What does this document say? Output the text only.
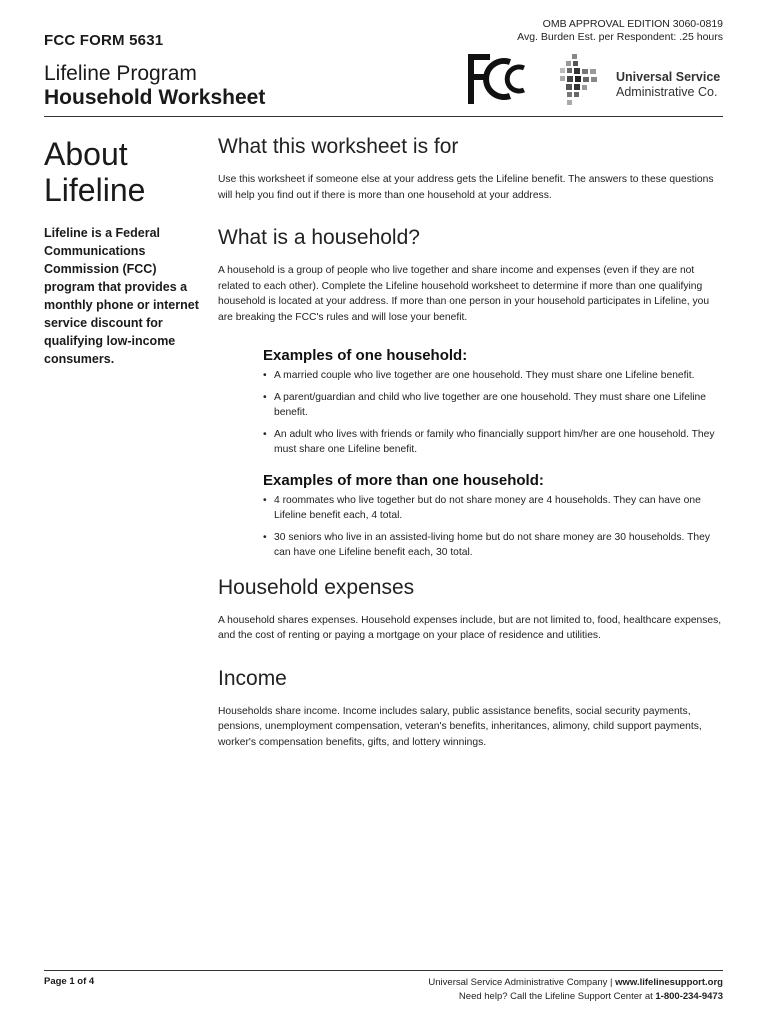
FCC FORM 5631
OMB APPROVAL EDITION 3060-0819
Avg. Burden Est. per Respondent: .25 hours
Lifeline Program
Household Worksheet
Universal Service
Administrative Co.
About
Lifeline

Lifeline is a Federal Communications Commission (FCC) program that provides a monthly phone or internet service discount for qualifying low-income consumers.

What this worksheet is for

Use this worksheet if someone else at your address gets the Lifeline benefit. The answers to these questions will help you find out if there is more than one household at your address.

What is a household?

A household is a group of people who live together and share income and expenses (even if they are not related to each other). Complete the Lifeline household worksheet to determine if more than one qualifying household is located at your address. If more than one person in your household participates in Lifeline, you are breaking the FCC's rules and will lose your benefit.

Examples of one household:
• A married couple who live together are one household. They must share one Lifeline benefit.
• A parent/guardian and child who live together are one household. They must share one Lifeline benefit.
• An adult who lives with friends or family who financially support him/her are one household. They must share one Lifeline benefit.
Examples of more than one household:
• 4 roommates who live together but do not share money are 4 households. They can have one Lifeline benefit each, 4 total.
• 30 seniors who live in an assisted-living home but do not share money are 30 households. They can have one Lifeline benefit each, 30 total.
Household expenses

A household shares expenses. Household expenses include, but are not limited to, food, healthcare expenses, and the cost of renting or paying a mortgage on your place of residence and utilities.

Income

Households share income. Income includes salary, public assistance benefits, social security payments, pensions, unemployment compensation, veteran's benefits, inheritances, alimony, child support payments, worker's compensation benefits, gifts, and lottery winnings.

Page 1 of 4	Universal Service Administrative Company | www.lifelinesupport.org
Need help? Call the Lifeline Support Center at 1-800-234-9473
